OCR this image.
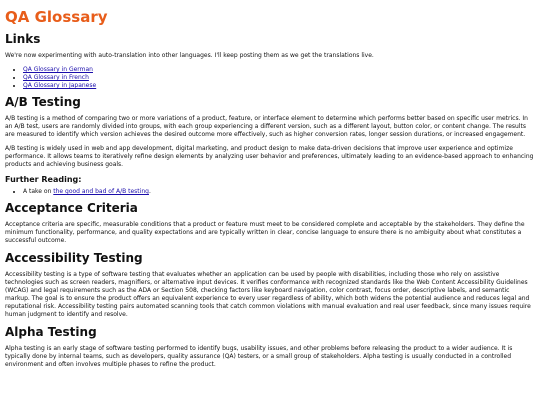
QA Glossary
Links

We're now experimenting with auto-translation into other languages. I'll keep posting them as we get the translations live.

• QA Glossary in German
• QA Glossary in French
• QA Glossary in Japanese
A/B Testing

A/B testing is a method of comparing two or more variations of a product, feature, or interface element to determine which performs better based on specific user metrics. In an A/B test, users are randomly divided into groups, with each group experiencing a different version, such as a different layout, button color, or content change. The results are measured to identify which version achieves the desired outcome more effectively, such as higher conversion rates, longer session durations, or increased engagement.

A/B testing is widely used in web and app development, digital marketing, and product design to make data-driven decisions that improve user experience and optimize performance. It allows teams to iteratively refine design elements by analyzing user behavior and preferences, ultimately leading to an evidence-based approach to enhancing products and achieving business goals.

Further Reading:
• A take on the good and bad of A/B testing.
Acceptance Criteria

Acceptance criteria are specific, measurable conditions that a product or feature must meet to be considered complete and acceptable by the stakeholders. They define the minimum functionality, performance, and quality expectations and are typically written in clear, concise language to ensure there is no ambiguity about what constitutes a successful outcome.

Accessibility Testing

Accessibility testing is a type of software testing that evaluates whether an application can be used by people with disabilities, including those who rely on assistive technologies such as screen readers, magnifiers, or alternative input devices. It verifies conformance with recognized standards like the Web Content Accessibility Guidelines (WCAG) and legal requirements such as the ADA or Section 508, checking factors like keyboard navigation, color contrast, focus order, descriptive labels, and semantic markup. The goal is to ensure the product offers an equivalent experience to every user regardless of ability, which both widens the potential audience and reduces legal and reputational risk. Accessibility testing pairs automated scanning tools that catch common violations with manual evaluation and real user feedback, since many issues require human judgment to identify and resolve.

Alpha Testing

Alpha testing is an early stage of software testing performed to identify bugs, usability issues, and other problems before releasing the product to a wider audience. It is typically done by internal teams, such as developers, quality assurance (QA) testers, or a small group of stakeholders. Alpha testing is usually conducted in a controlled environment and often involves multiple phases to refine the product.
